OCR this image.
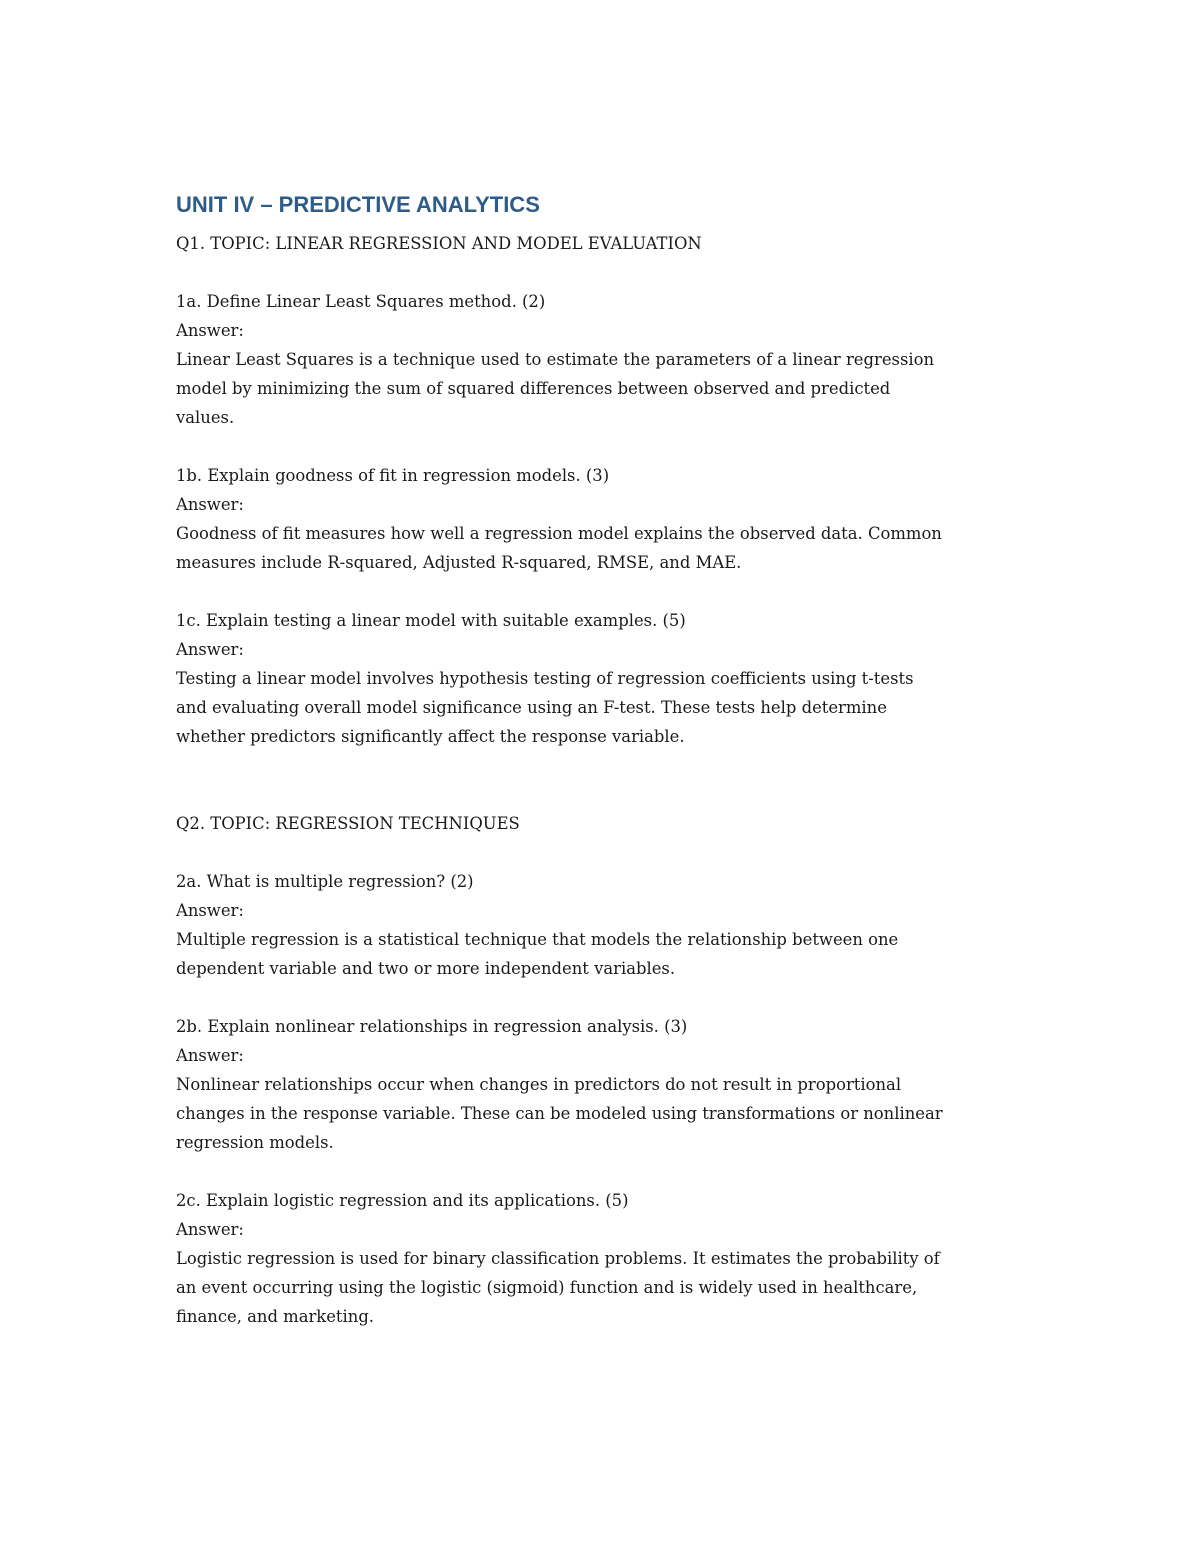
UNIT IV – PREDICTIVE ANALYTICS

Q1. TOPIC: LINEAR REGRESSION AND MODEL EVALUATION

1a. Define Linear Least Squares method. (2)

Answer:

Linear Least Squares is a technique used to estimate the parameters of a linear regression

model by minimizing the sum of squared differences between observed and predicted

values.

1b. Explain goodness of fit in regression models. (3)

Answer:

Goodness of fit measures how well a regression model explains the observed data. Common

measures include R-squared, Adjusted R-squared, RMSE, and MAE.

1c. Explain testing a linear model with suitable examples. (5)

Answer:

Testing a linear model involves hypothesis testing of regression coefficients using t-tests

and evaluating overall model significance using an F-test. These tests help determine

whether predictors significantly affect the response variable.

Q2. TOPIC: REGRESSION TECHNIQUES

2a. What is multiple regression? (2)

Answer:

Multiple regression is a statistical technique that models the relationship between one

dependent variable and two or more independent variables.

2b. Explain nonlinear relationships in regression analysis. (3)

Answer:

Nonlinear relationships occur when changes in predictors do not result in proportional

changes in the response variable. These can be modeled using transformations or nonlinear

regression models.

2c. Explain logistic regression and its applications. (5)

Answer:

Logistic regression is used for binary classification problems. It estimates the probability of

an event occurring using the logistic (sigmoid) function and is widely used in healthcare,

finance, and marketing.
